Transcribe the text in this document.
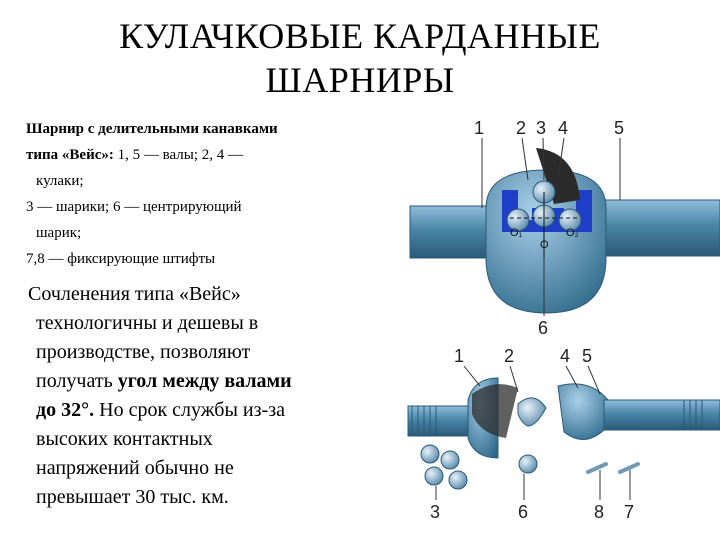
КУЛАЧКОВЫЕ КАРДАННЫЕ
ШАРНИРЫ

Шарнир с делительными канавками

типа «Вейс»: 1, 5 — валы; 2, 4 —

кулаки;

3 — шарики; 6 — центрирующий

шарик;

7,8 — фиксирующие штифты

Сочленения типа «Вейс»

технологичны и дешевы в

производстве, позволяют

получать угол между валами

до 32°. Но срок службы из-за

высоких контактных

напряжений обычно не

превышает 30 тыс. км.

O₁
O
O₂
1 2 3 4	5
6
1 2	4 5
3	6	8 7
